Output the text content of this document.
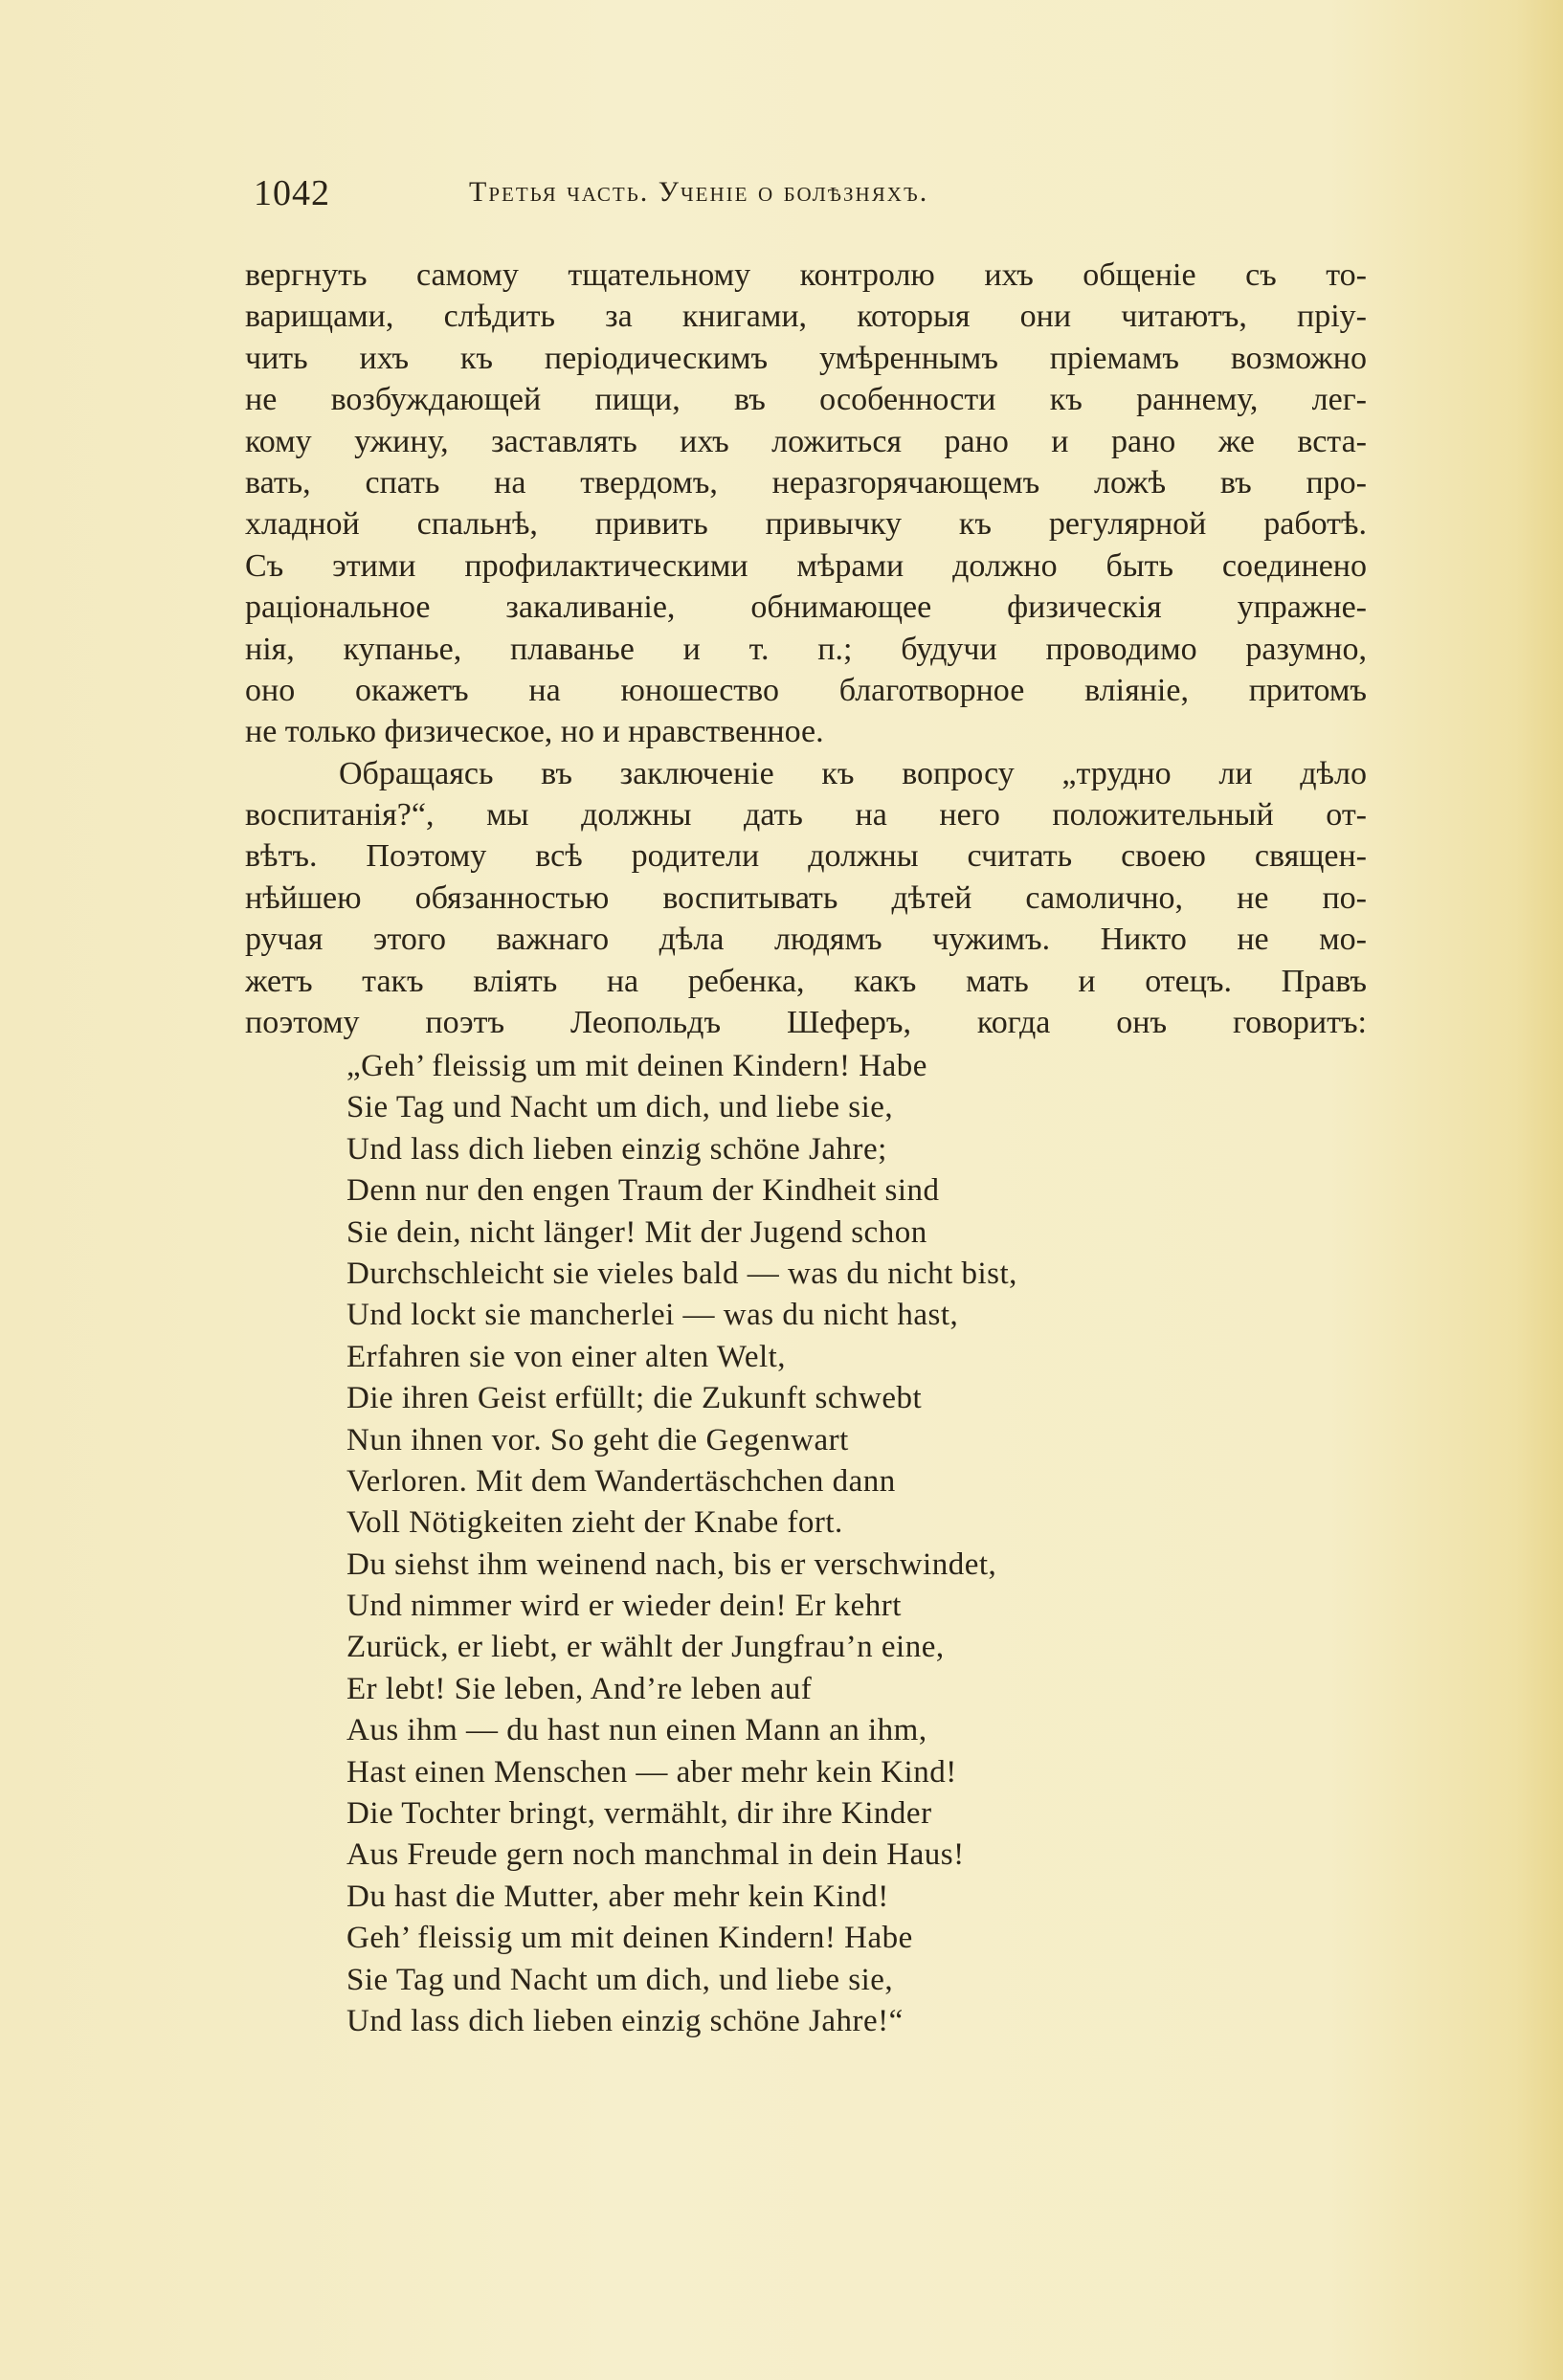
1042	Третья часть. Ученіе о болѣзняхъ.
вергнуть самому тщательному контролю ихъ общеніе съ то-
варищами, слѣдить за книгами, которыя они читаютъ, пріу-
чить ихъ къ періодическимъ умѣреннымъ пріемамъ возможно
не возбуждающей пищи, въ особенности къ раннему, лег-
кому ужину, заставлять ихъ ложиться рано и рано же вста-
вать, спать на твердомъ, неразгорячающемъ ложѣ въ про-
хладной спальнѣ, привить привычку къ регулярной работѣ.
Съ этими профилактическими мѣрами должно быть соединено
раціональное закаливаніе, обнимающее физическія упражне-
нія, купанье, плаванье и т. п.; будучи проводимо разумно,
оно окажетъ на юношество благотворное вліяніе, притомъ
не только физическое, но и нравственное.
Обращаясь въ заключеніе къ вопросу „трудно ли дѣло
воспитанія?“, мы должны дать на него положительный от-
вѣтъ. Поэтому всѣ родители должны считать своею священ-
нѣйшею обязанностью воспитывать дѣтей самолично, не по-
ручая этого важнаго дѣла людямъ чужимъ. Никто не мо-
жетъ такъ вліять на ребенка, какъ мать и отецъ. Правъ
поэтому поэтъ Леопольдъ Шеферъ, когда онъ говоритъ:
„Geh’ fleissig um mit deinen Kindern! Habe
Sie Tag und Nacht um dich, und liebe sie,
Und lass dich lieben einzig schöne Jahre;
Denn nur den engen Traum der Kindheit sind
Sie dein, nicht länger! Mit der Jugend schon
Durchschleicht sie vieles bald — was du nicht bist,
Und lockt sie mancherlei — was du nicht hast,
Erfahren sie von einer alten Welt,
Die ihren Geist erfüllt; die Zukunft schwebt
Nun ihnen vor. So geht die Gegenwart
Verloren. Mit dem Wandertäschchen dann
Voll Nötigkeiten zieht der Knabe fort.
Du siehst ihm weinend nach, bis er verschwindet,
Und nimmer wird er wieder dein! Er kehrt
Zurück, er liebt, er wählt der Jungfrau’n eine,
Er lebt! Sie leben, And’re leben auf
Aus ihm — du hast nun einen Mann an ihm,
Hast einen Menschen — aber mehr kein Kind!
Die Tochter bringt, vermählt, dir ihre Kinder
Aus Freude gern noch manchmal in dein Haus!
Du hast die Mutter, aber mehr kein Kind!
Geh’ fleissig um mit deinen Kindern! Habe
Sie Tag und Nacht um dich, und liebe sie,
Und lass dich lieben einzig schöne Jahre!“
